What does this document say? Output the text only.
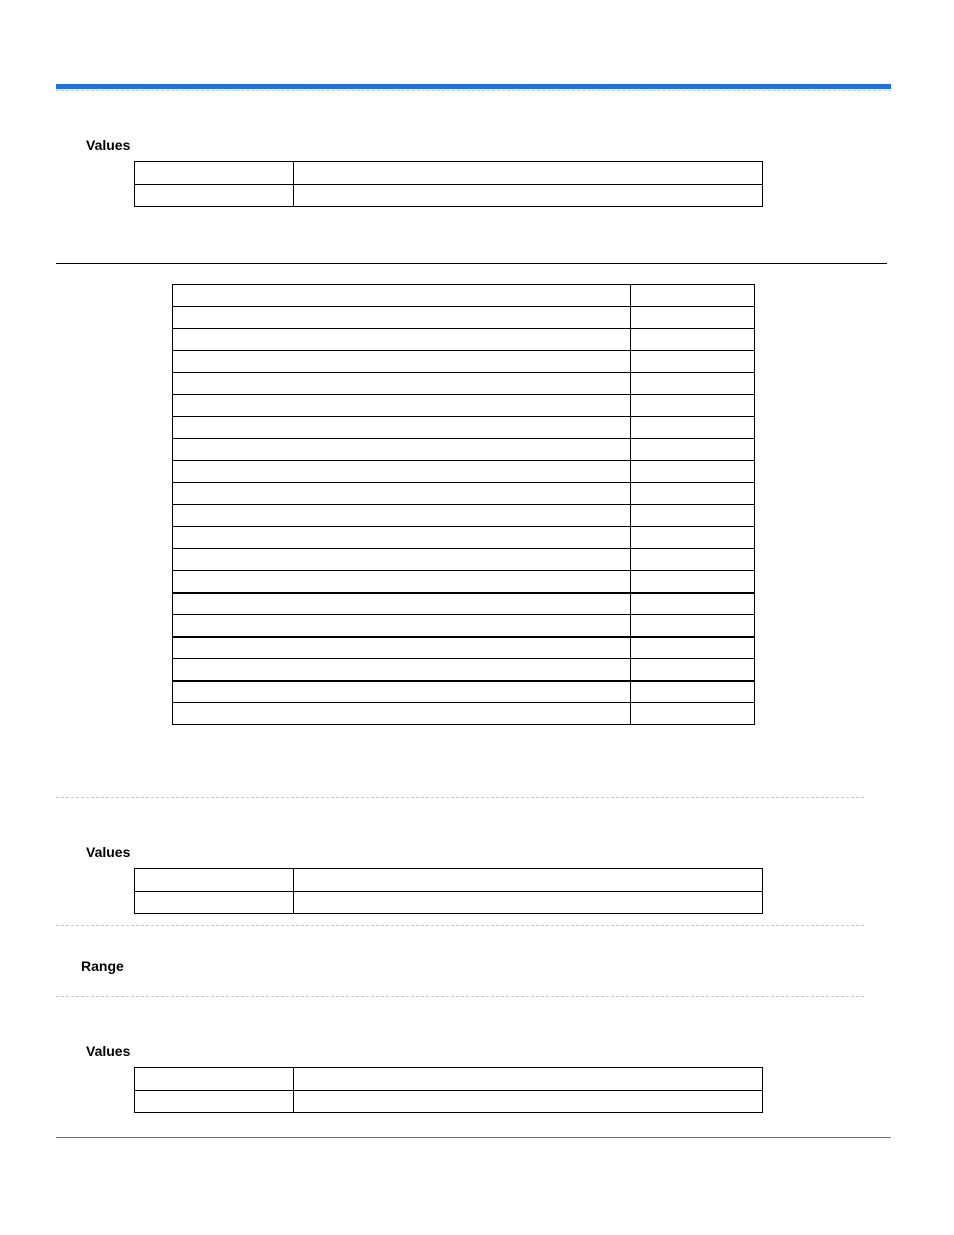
Values

Values

Range
Values
